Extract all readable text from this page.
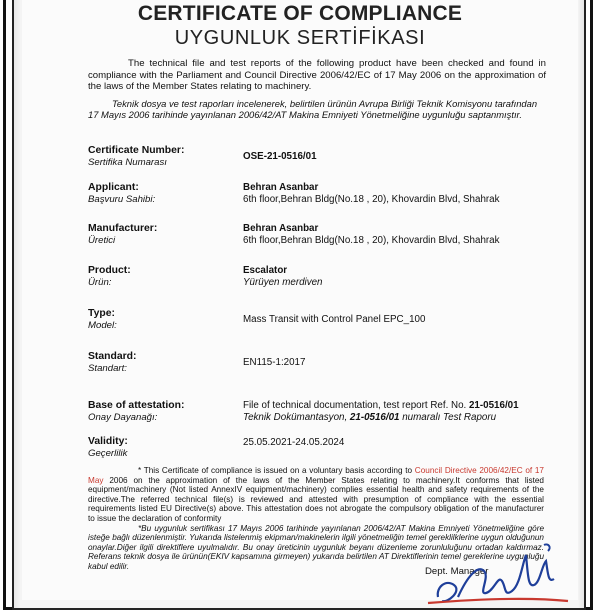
CERTIFICATE OF COMPLIANCE
UYGUNLUK SERTİFİKASI
The technical file and test reports of the following product have been checked and found in compliance with the Parliament and Council Directive 2006/42/EC of 17 May 2006 on the approximation of the laws of the Member States relating to machinery.
Teknik dosya ve test raporları incelenerek, belirtilen ürünün Avrupa Birliği Teknik Komisyonu tarafından 17 Mayıs 2006 tarihinde yayınlanan 2006/42/AT Makina Emniyeti Yönetmeliğine uygunluğu saptanmıştır.
Certificate Number:
Sertifika Numarası
OSE-21-0516/01
Applicant:
Başvuru Sahibi:
Behran Asanbar
6th floor,Behran Bldg(No.18 , 20), Khovardin Blvd, Shahrak
Manufacturer:
Üretici
Behran Asanbar
6th floor,Behran Bldg(No.18 , 20), Khovardin Blvd, Shahrak
Product:
Ürün:
Escalator
Yürüyen merdiven
Type:
Model:
Mass Transit with Control Panel EPC_100
Standard:
Standart:
EN115-1:2017
Base of attestation:
Onay Dayanağı:
File of technical documentation, test report Ref. No. 21-0516/01
Teknik Dokümantasyon, 21-0516/01 numaralı Test Raporu
Validity:
Geçerlilik
25.05.2021-24.05.2024
* This Certificate of compliance is issued on a voluntary basis according to Council Directive 2006/42/EC of 17 May 2006 on the approximation of the laws of the Member States relating to machinery.It conforms that listed equipment/machinery (Not listed AnnexIV equipment/machinery) complies essential health and safety requirements of the directive.The referred technical file(s) is reviewed and attested with presumption of compliance with the essential requirements listed EU Directive(s) above. This attestation does not abrogate the compulsory obligation of the manufacturer to issue the declaration of conformity
*Bu uygunluk sertifikası 17 Mayıs 2006 tarihinde yayınlanan 2006/42/AT Makina Emniyeti Yönetmeliğine göre isteğe bağlı düzenlenmiştir. Yukarıda listelenmiş ekipman/makinelerin ilgili yönetmeliğin temel gereklilklerine uygun olduğunun onaylar.Diğer ilgili direktiflere uyulmalıdır. Bu onay üreticinin uygunluk beyanı düzenleme zorunluluğunu ortadan kaldırmaz. Referans teknik dosya ile ürünün(EKIV kapsamına girmeyen) yukarıda belirtilen AT Direktiflerinin temel gereklerine uygunluğu kabul edilir.	Dept. Manager
